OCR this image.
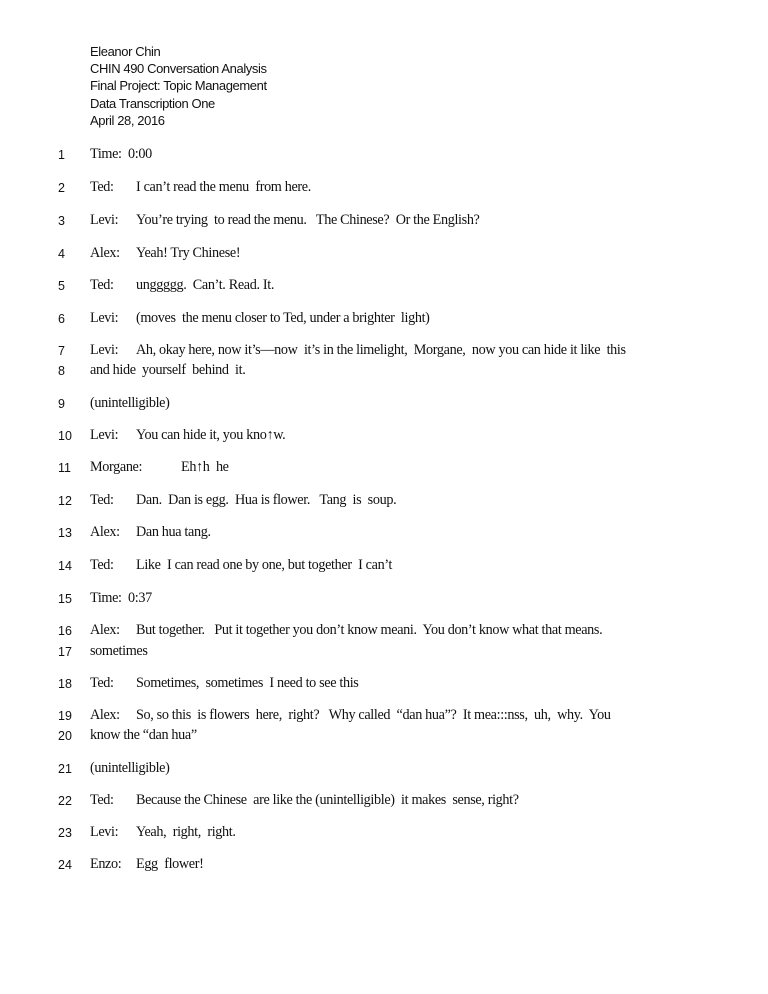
Eleanor Chin
CHIN 490 Conversation Analysis
Final Project: Topic Management
Data Transcription One
April 28, 2016
1	Time:  0:00
2	Ted: I can’t read the menu  from here.
3	Levi: You’re trying  to read the menu.   The Chinese?  Or the English?
4	Alex: Yeah! Try Chinese!
5	Ted: unggggg.  Can’t. Read. It.
6	Levi: (moves  the menu closer to Ted, under a brighter  light)
7	Levi: Ah, okay here, now it’s—now  it’s in the limelight,  Morgane,  now you can hide it like  this
8	and hide  yourself  behind  it.
9	(unintelligible)
10 Levi: You can hide it, you kno↑w.
11 Morgane:	Eh↑h  he
12 Ted: Dan.  Dan is egg.  Hua is flower.   Tang  is  soup.
13 Alex: Dan hua tang.
14 Ted: Like  I can read one by one, but together  I can’t
15 Time:  0:37
16 Alex: But together.   Put it together you don’t know meani.  You don’t know what that means.
17 sometimes
18 Ted: Sometimes,  sometimes  I need to see this
19 Alex: So, so this  is flowers  here,  right?   Why called  “dan hua”?  It mea:::nss,  uh,  why.  You
20 know the “dan hua”
21 (unintelligible)
22 Ted: Because the Chinese  are like the (unintelligible)  it makes  sense, right?
23 Levi: Yeah,  right,  right.
24 Enzo: Egg  flower!
